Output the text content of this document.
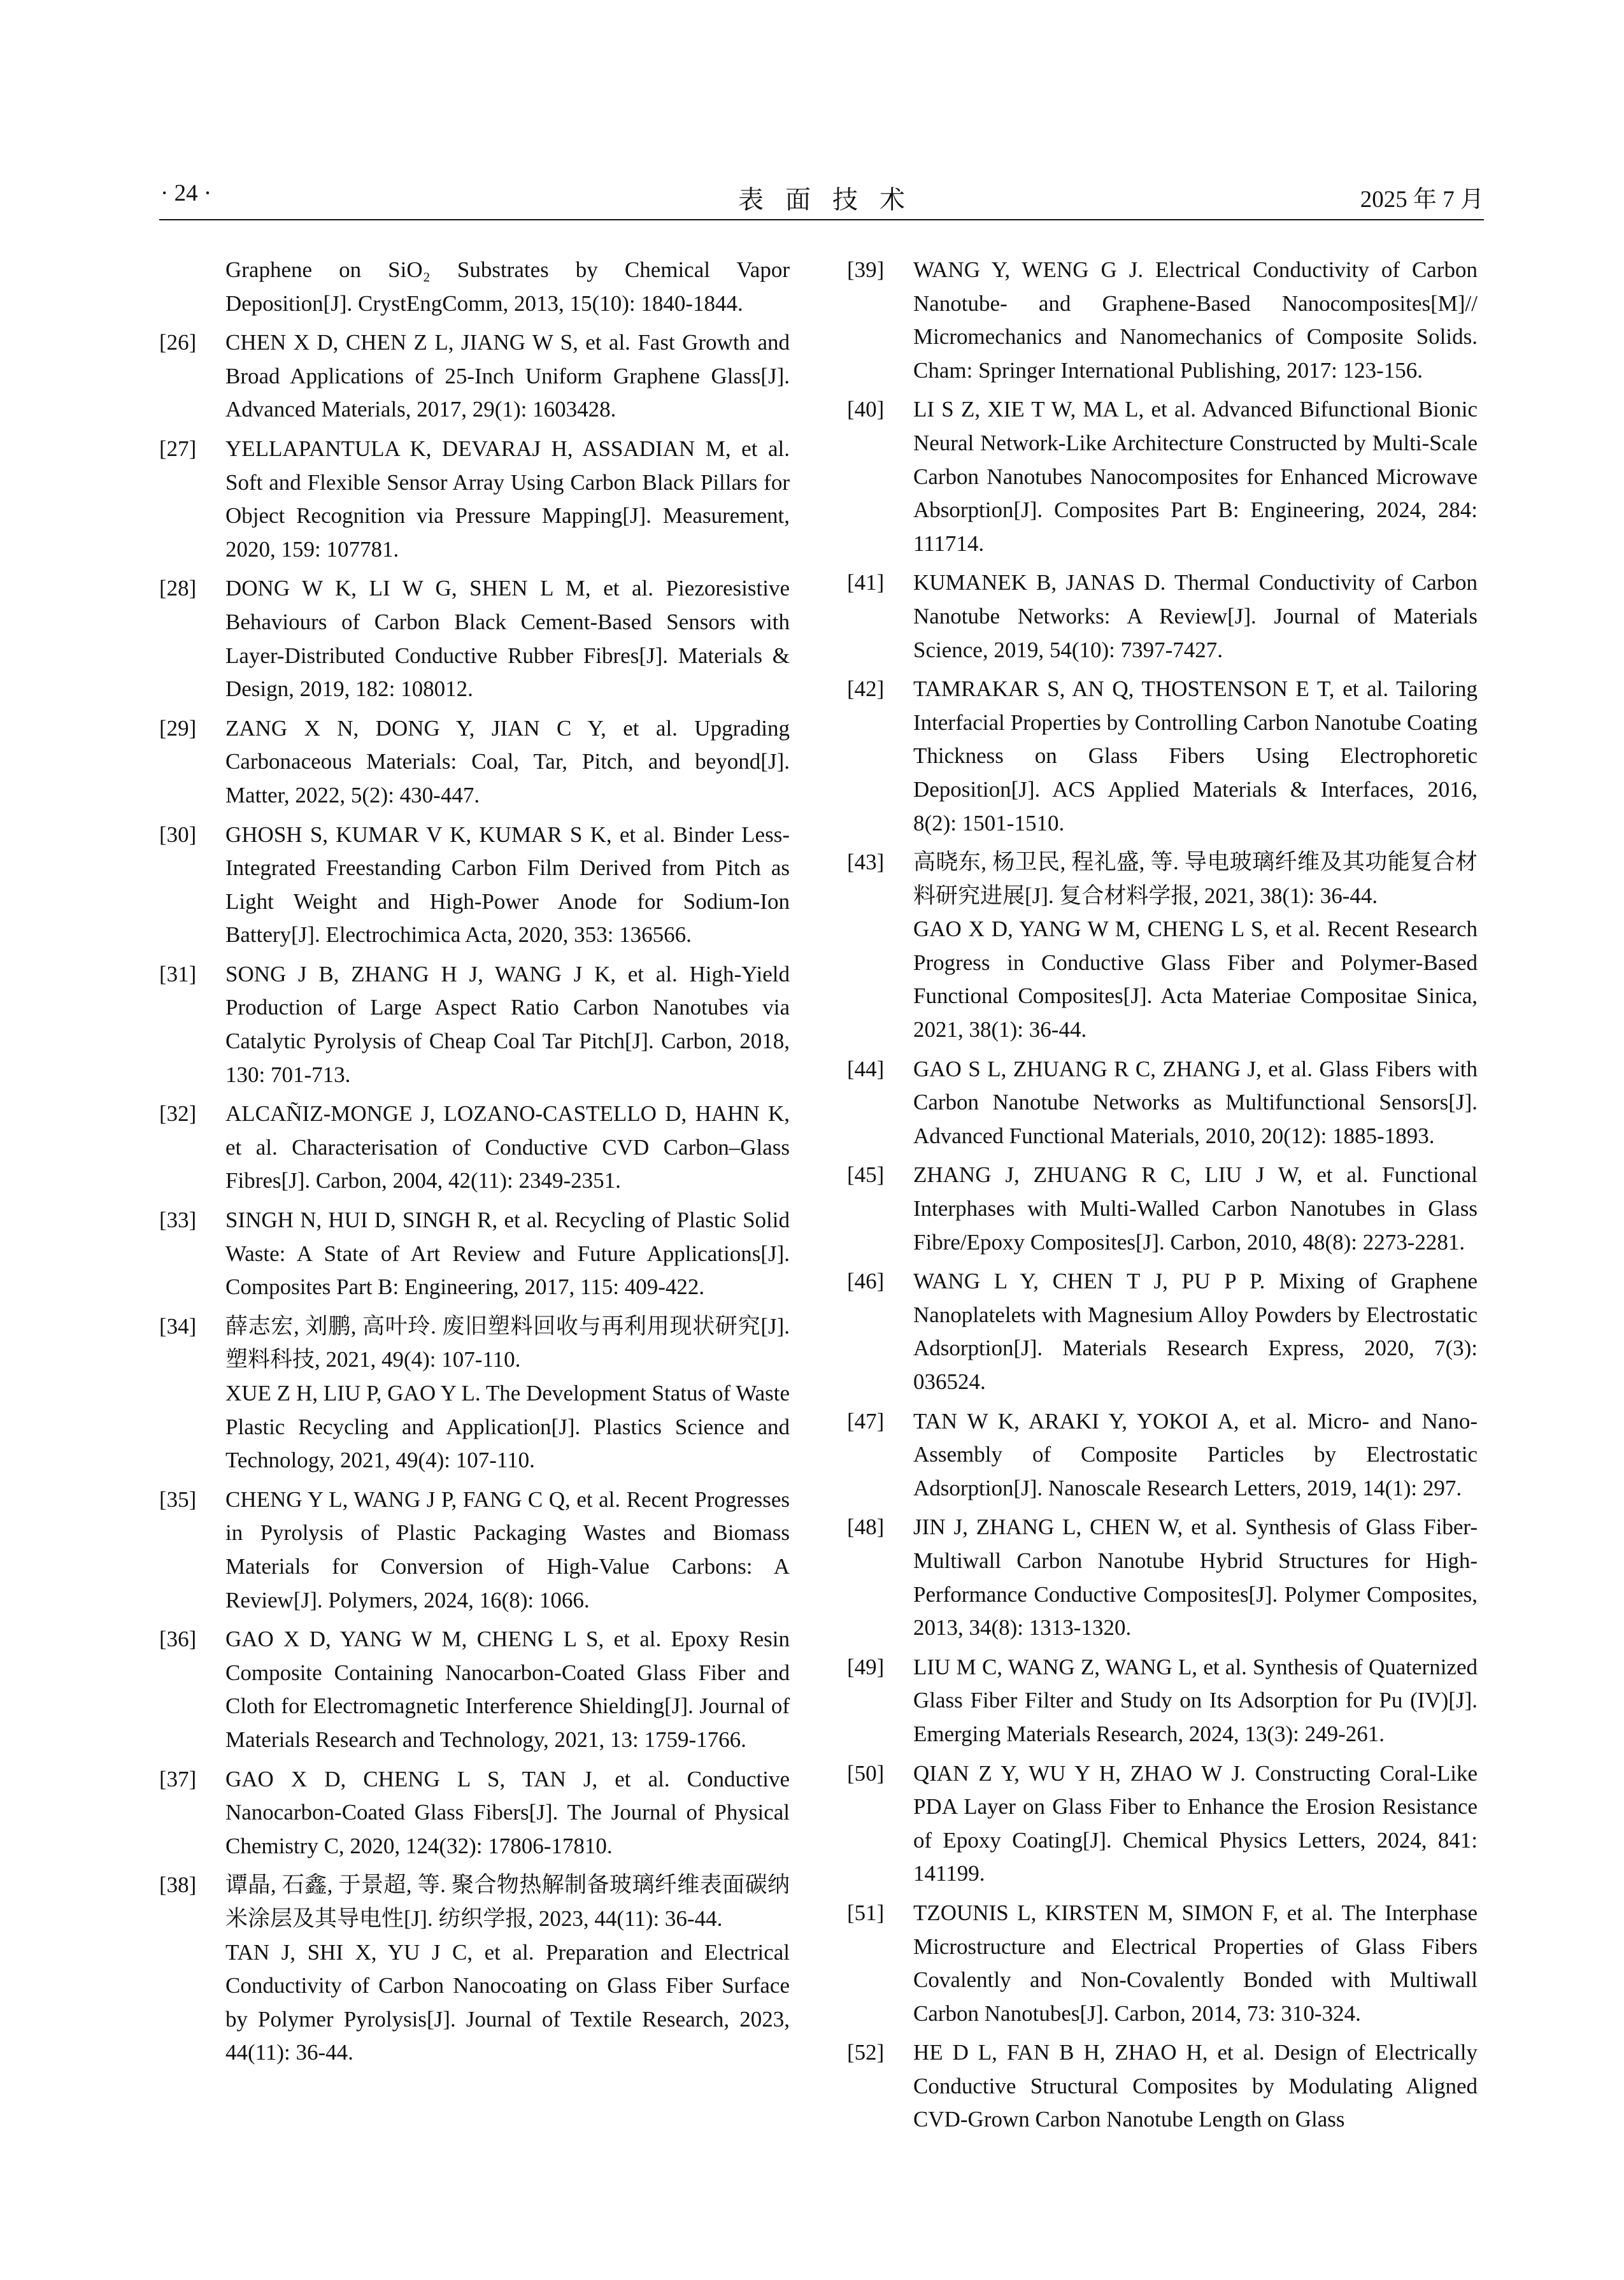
· 24 ·	表面技术	2025 年 7 月
Graphene on SiO₂ Substrates by Chemical Vapor Deposition[J]. CrystEngComm, 2013, 15(10): 1840-1844.
[26] CHEN X D, CHEN Z L, JIANG W S, et al. Fast Growth and Broad Applications of 25-Inch Uniform Graphene Glass[J]. Advanced Materials, 2017, 29(1): 1603428.
[27] YELLAPANTULA K, DEVARAJ H, ASSADIAN M, et al. Soft and Flexible Sensor Array Using Carbon Black Pillars for Object Recognition via Pressure Mapping[J]. Measurement, 2020, 159: 107781.
[28] DONG W K, LI W G, SHEN L M, et al. Piezoresistive Behaviours of Carbon Black Cement-Based Sensors with Layer-Distributed Conductive Rubber Fibres[J]. Materials & Design, 2019, 182: 108012.
[29] ZANG X N, DONG Y, JIAN C Y, et al. Upgrading Carbonaceous Materials: Coal, Tar, Pitch, and beyond[J]. Matter, 2022, 5(2): 430-447.
[30] GHOSH S, KUMAR V K, KUMAR S K, et al. Binder Less-Integrated Freestanding Carbon Film Derived from Pitch as Light Weight and High-Power Anode for Sodium-Ion Battery[J]. Electrochimica Acta, 2020, 353: 136566.
[31] SONG J B, ZHANG H J, WANG J K, et al. High-Yield Production of Large Aspect Ratio Carbon Nanotubes via Catalytic Pyrolysis of Cheap Coal Tar Pitch[J]. Carbon, 2018, 130: 701-713.
[32] ALCAÑIZ-MONGE J, LOZANO-CASTELLO D, HAHN K, et al. Characterisation of Conductive CVD Carbon–Glass Fibres[J]. Carbon, 2004, 42(11): 2349-2351.
[33] SINGH N, HUI D, SINGH R, et al. Recycling of Plastic Solid Waste: A State of Art Review and Future Applications[J]. Composites Part B: Engineering, 2017, 115: 409-422.
[34] 薛志宏, 刘鹏, 高叶玲. 废旧塑料回收与再利用现状研究[J]. 塑料科技, 2021, 49(4): 107-110.
XUE Z H, LIU P, GAO Y L. The Development Status of Waste Plastic Recycling and Application[J]. Plastics Science and Technology, 2021, 49(4): 107-110.
[35] CHENG Y L, WANG J P, FANG C Q, et al. Recent Progresses in Pyrolysis of Plastic Packaging Wastes and Biomass Materials for Conversion of High-Value Carbons: A Review[J]. Polymers, 2024, 16(8): 1066.
[36] GAO X D, YANG W M, CHENG L S, et al. Epoxy Resin Composite Containing Nanocarbon-Coated Glass Fiber and Cloth for Electromagnetic Interference Shielding[J]. Journal of Materials Research and Technology, 2021, 13: 1759-1766.
[37] GAO X D, CHENG L S, TAN J, et al. Conductive Nanocarbon-Coated Glass Fibers[J]. The Journal of Physical Chemistry C, 2020, 124(32): 17806-17810.
[38] 谭晶, 石鑫, 于景超, 等. 聚合物热解制备玻璃纤维表面碳纳米涂层及其导电性[J]. 纺织学报, 2023, 44(11): 36-44.
TAN J, SHI X, YU J C, et al. Preparation and Electrical Conductivity of Carbon Nanocoating on Glass Fiber Surface by Polymer Pyrolysis[J]. Journal of Textile Research, 2023, 44(11): 36-44.
[39] WANG Y, WENG G J. Electrical Conductivity of Carbon Nanotube- and Graphene-Based Nanocomposites[M]// Micromechanics and Nanomechanics of Composite Solids. Cham: Springer International Publishing, 2017: 123-156.
[40] LI S Z, XIE T W, MA L, et al. Advanced Bifunctional Bionic Neural Network-Like Architecture Constructed by Multi-Scale Carbon Nanotubes Nanocomposites for Enhanced Microwave Absorption[J]. Composites Part B: Engineering, 2024, 284: 111714.
[41] KUMANEK B, JANAS D. Thermal Conductivity of Carbon Nanotube Networks: A Review[J]. Journal of Materials Science, 2019, 54(10): 7397-7427.
[42] TAMRAKAR S, AN Q, THOSTENSON E T, et al. Tailoring Interfacial Properties by Controlling Carbon Nanotube Coating Thickness on Glass Fibers Using Electrophoretic Deposition[J]. ACS Applied Materials & Interfaces, 2016, 8(2): 1501-1510.
[43] 高晓东, 杨卫民, 程礼盛, 等. 导电玻璃纤维及其功能复合材料研究进展[J]. 复合材料学报, 2021, 38(1): 36-44.
GAO X D, YANG W M, CHENG L S, et al. Recent Research Progress in Conductive Glass Fiber and Polymer-Based Functional Composites[J]. Acta Materiae Compositae Sinica, 2021, 38(1): 36-44.
[44] GAO S L, ZHUANG R C, ZHANG J, et al. Glass Fibers with Carbon Nanotube Networks as Multifunctional Sensors[J]. Advanced Functional Materials, 2010, 20(12): 1885-1893.
[45] ZHANG J, ZHUANG R C, LIU J W, et al. Functional Interphases with Multi-Walled Carbon Nanotubes in Glass Fibre/Epoxy Composites[J]. Carbon, 2010, 48(8): 2273-2281.
[46] WANG L Y, CHEN T J, PU P P. Mixing of Graphene Nanoplatelets with Magnesium Alloy Powders by Electrostatic Adsorption[J]. Materials Research Express, 2020, 7(3): 036524.
[47] TAN W K, ARAKI Y, YOKOI A, et al. Micro- and Nano-Assembly of Composite Particles by Electrostatic Adsorption[J]. Nanoscale Research Letters, 2019, 14(1): 297.
[48] JIN J, ZHANG L, CHEN W, et al. Synthesis of Glass Fiber-Multiwall Carbon Nanotube Hybrid Structures for High-Performance Conductive Composites[J]. Polymer Composites, 2013, 34(8): 1313-1320.
[49] LIU M C, WANG Z, WANG L, et al. Synthesis of Quaternized Glass Fiber Filter and Study on Its Adsorption for Pu (IV)[J]. Emerging Materials Research, 2024, 13(3): 249-261.
[50] QIAN Z Y, WU Y H, ZHAO W J. Constructing Coral-Like PDA Layer on Glass Fiber to Enhance the Erosion Resistance of Epoxy Coating[J]. Chemical Physics Letters, 2024, 841: 141199.
[51] TZOUNIS L, KIRSTEN M, SIMON F, et al. The Interphase Microstructure and Electrical Properties of Glass Fibers Covalently and Non-Covalently Bonded with Multiwall Carbon Nanotubes[J]. Carbon, 2014, 73: 310-324.
[52] HE D L, FAN B H, ZHAO H, et al. Design of Electrically Conductive Structural Composites by Modulating Aligned CVD-Grown Carbon Nanotube Length on Glass
